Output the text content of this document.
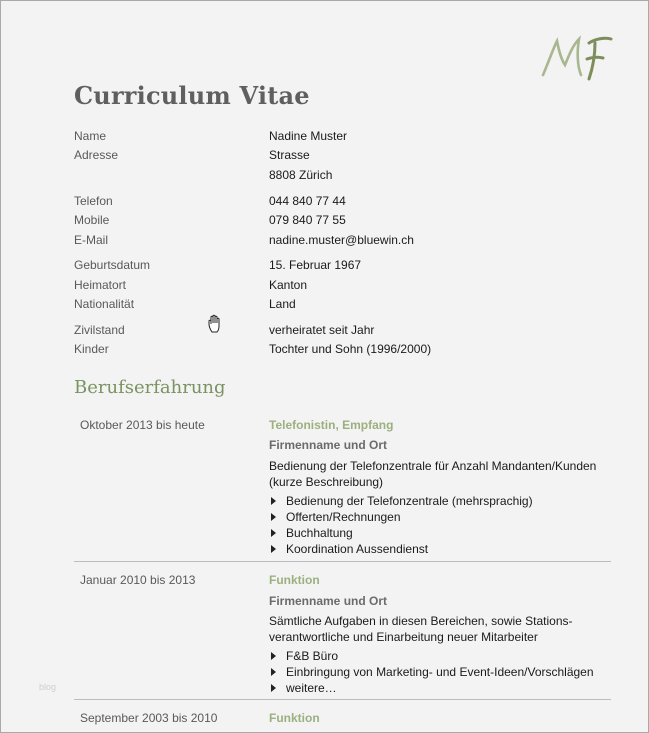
Curriculum Vitae
Name	Nadine Muster
Adresse	Strasse
8808 Zürich
Telefon	044 840 77 44
Mobile	079 840 77 55
E-Mail	nadine.muster@bluewin.ch
Geburtsdatum	15. Februar 1967
Heimatort	Kanton
Nationalität	Land
Zivilstand	verheiratet seit Jahr
Kinder	Tochter und Sohn (1996/2000)
Berufserfahrung
Oktober 2013 bis heute	Telefonistin, Empfang
Firmenname und Ort
Bedienung der Telefonzentrale für Anzahl Mandanten/Kunden (kurze Beschreibung)
Bedienung der Telefonzentrale (mehrsprachig)
Offerten/Rechnungen
Buchhaltung
Koordination Aussendienst
Januar 2010 bis 2013	Funktion
Firmenname und Ort
Sämtliche Aufgaben in diesen Bereichen, sowie Stations-verantwortliche und Einarbeitung neuer Mitarbeiter
F&B Büro
Einbringung von Marketing- und Event-Ideen/Vorschlägen
weitere…
September 2003 bis 2010	Funktion
blog
